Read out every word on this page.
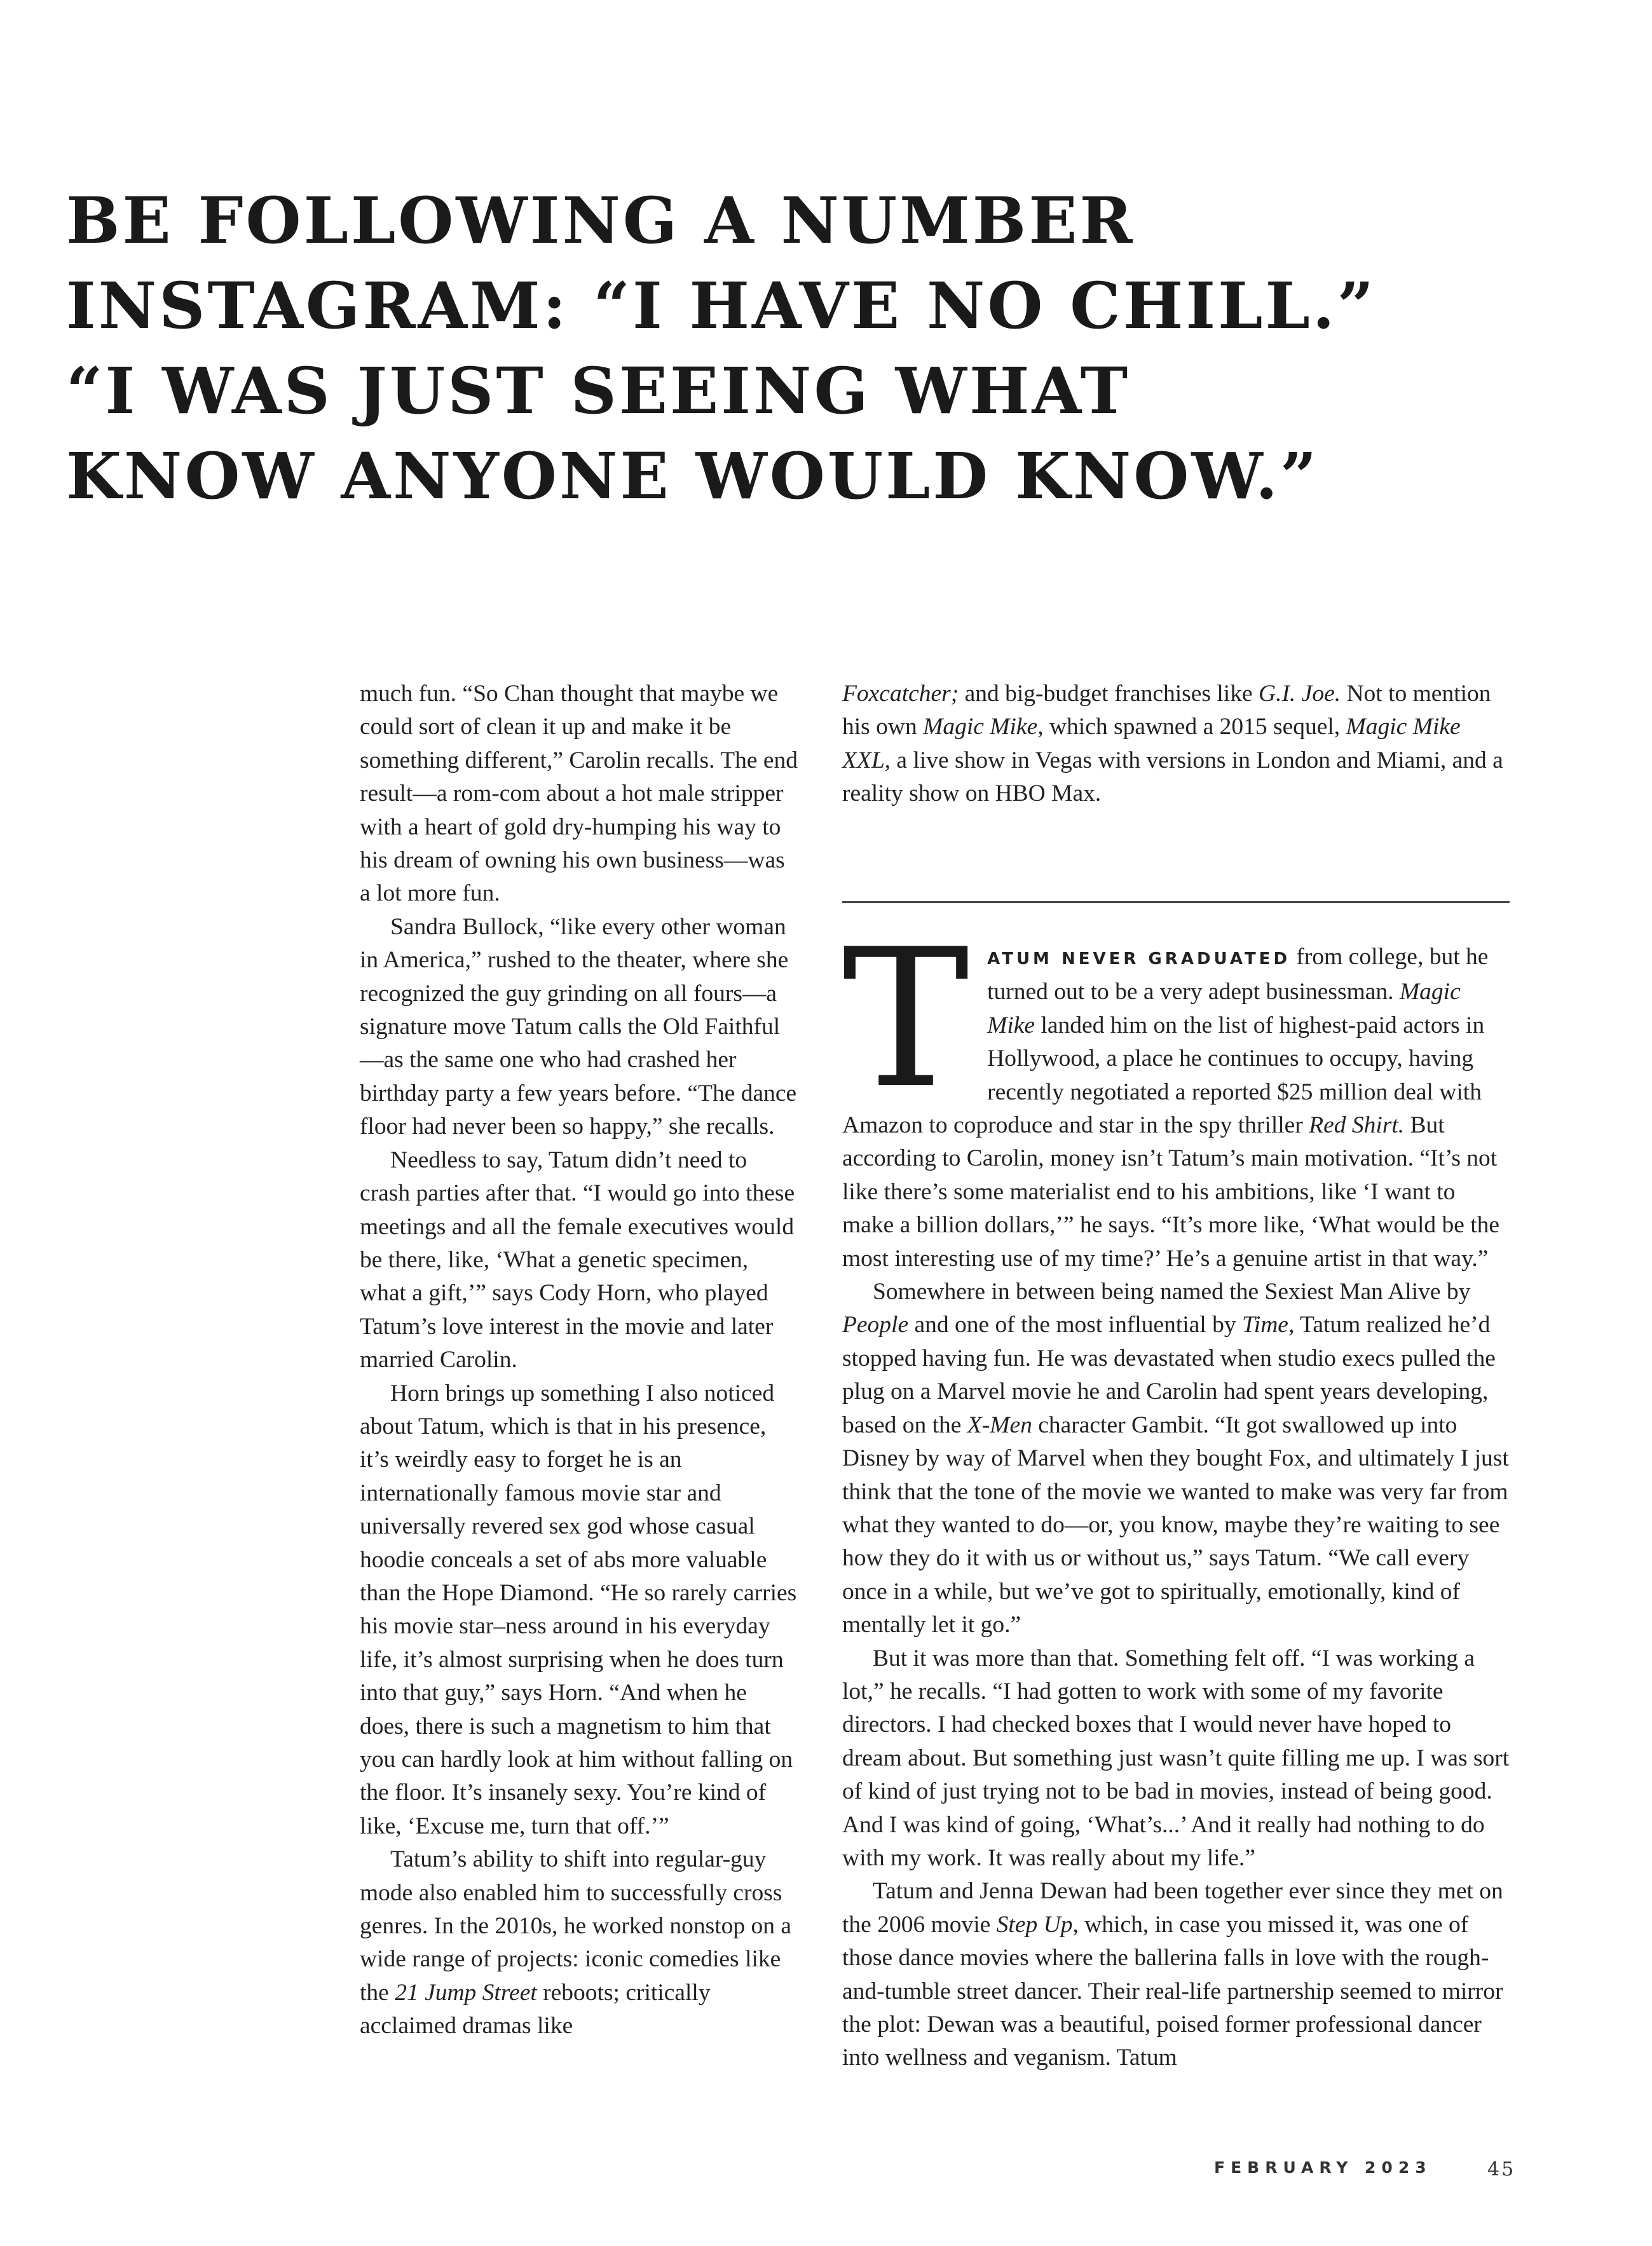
BE FOLLOWING A NUMBER
INSTAGRAM: “I HAVE NO CHILL.”
“I WAS JUST SEEING WHAT
KNOW ANYONE WOULD KNOW.”

much fun. “So Chan thought that maybe we could sort of clean it up and make it be something different,” Carolin recalls. The end result—a rom-com about a hot male stripper with a heart of gold dry-humping his way to his dream of owning his own business—was a lot more fun.

Sandra Bullock, “like every other woman in America,” rushed to the theater, where she recognized the guy grinding on all fours—a signature move Tatum calls the Old Faithful—as the same one who had crashed her birthday party a few years before. “The dance floor had never been so happy,” she recalls.

Needless to say, Tatum didn’t need to crash parties after that. “I would go into these meetings and all the female executives would be there, like, ‘What a genetic specimen, what a gift,’” says Cody Horn, who played Tatum’s love interest in the movie and later married Carolin.

Horn brings up something I also noticed about Tatum, which is that in his presence, it’s weirdly easy to forget he is an internationally famous movie star and universally revered sex god whose casual hoodie conceals a set of abs more valuable than the Hope Diamond. “He so rarely carries his movie star–ness around in his everyday life, it’s almost surprising when he does turn into that guy,” says Horn. “And when he does, there is such a magnetism to him that you can hardly look at him without falling on the floor. It’s insanely sexy. You’re kind of like, ‘Excuse me, turn that off.’”

Tatum’s ability to shift into regular-guy mode also enabled him to successfully cross genres. In the 2010s, he worked nonstop on a wide range of projects: iconic comedies like the 21 Jump Street reboots; critically acclaimed dramas like

Foxcatcher; and big-budget franchises like G.I. Joe. Not to mention his own Magic Mike, which spawned a 2015 sequel, Magic Mike XXL, a live show in Vegas with versions in London and Miami, and a reality show on HBO Max.

T ATUM NEVER GRADUATED from college, but he turned out to be a very adept businessman. Magic Mike landed him on the list of highest-paid actors in Hollywood, a place he continues to occupy, having recently negotiated a reported $25 million deal with Amazon to coproduce and star in the spy thriller Red Shirt. But according to Carolin, money isn’t Tatum’s main motivation. “It’s not like there’s some materialist end to his ambitions, like ‘I want to make a billion dollars,’” he says. “It’s more like, ‘What would be the most interesting use of my time?’ He’s a genuine artist in that way.”

Somewhere in between being named the Sexiest Man Alive by People and one of the most influential by Time, Tatum realized he’d stopped having fun. He was devastated when studio execs pulled the plug on a Marvel movie he and Carolin had spent years developing, based on the X-Men character Gambit. “It got swallowed up into Disney by way of Marvel when they bought Fox, and ultimately I just think that the tone of the movie we wanted to make was very far from what they wanted to do—or, you know, maybe they’re waiting to see how they do it with us or without us,” says Tatum. “We call every once in a while, but we’ve got to spiritually, emotionally, kind of mentally let it go.”

But it was more than that. Something felt off. “I was working a lot,” he recalls. “I had gotten to work with some of my favorite directors. I had checked boxes that I would never have hoped to dream about. But something just wasn’t quite filling me up. I was sort of kind of just trying not to be bad in movies, instead of being good. And I was kind of going, ‘What’s...’ And it really had nothing to do with my work. It was really about my life.”

Tatum and Jenna Dewan had been together ever since they met on the 2006 movie Step Up, which, in case you missed it, was one of those dance movies where the ballerina falls in love with the rough-and-tumble street dancer. Their real-life partnership seemed to mirror the plot: Dewan was a beautiful, poised former professional dancer into wellness and veganism. Tatum

FEBRUARY 2023	45
